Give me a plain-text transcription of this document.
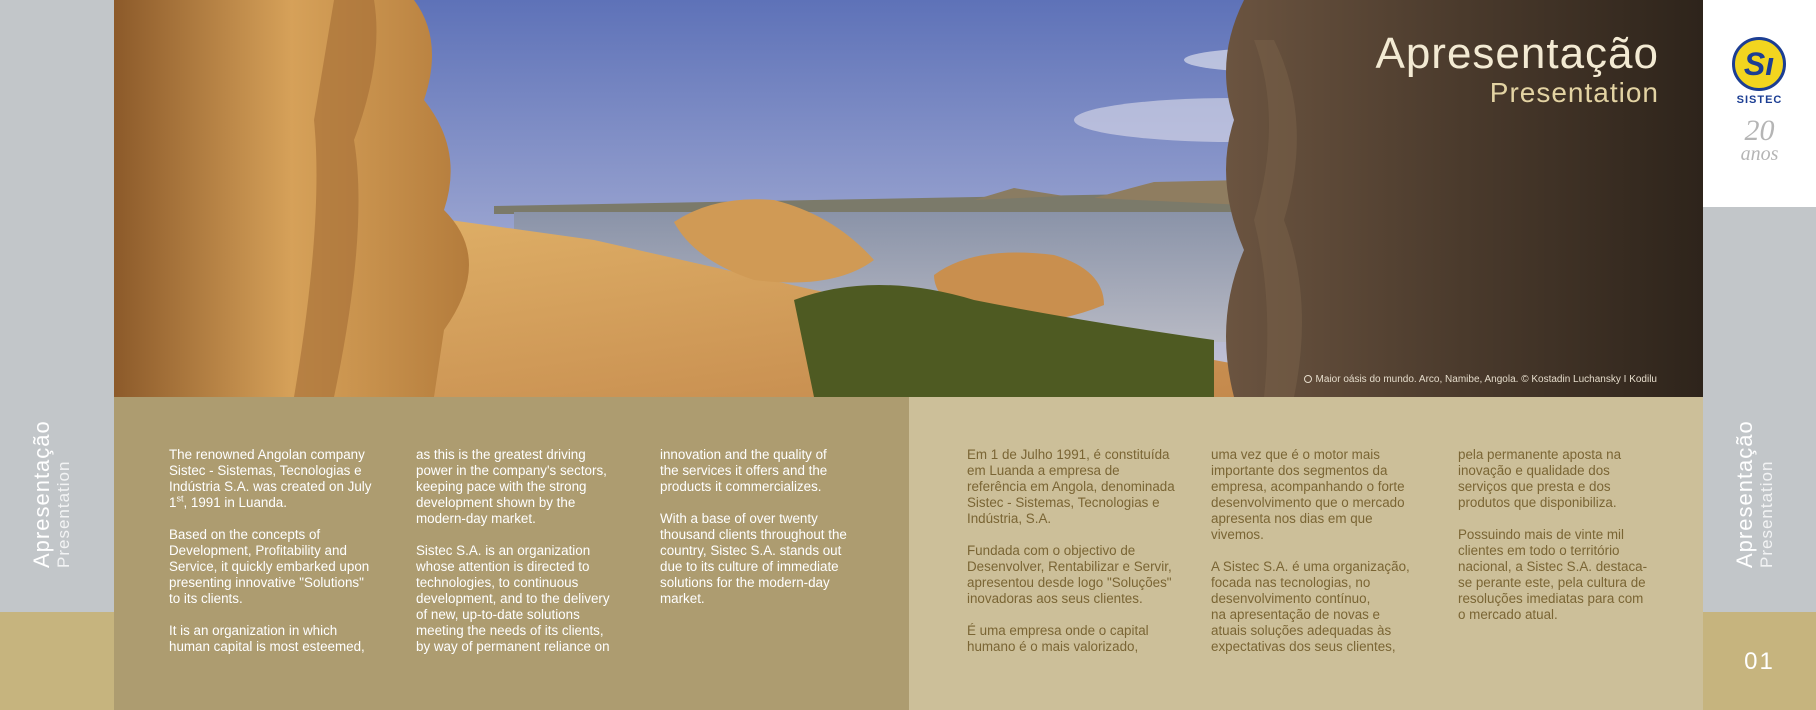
Apresentação Presentation
Sı
SISTEC
20
anos
Apresentação Presentation
01
Apresentação
Presentation
Maior oásis do mundo. Arco, Namibe, Angola. © Kostadin Luchansky I Kodilu

The renowned Angolan company
Sistec - Sistemas, Tecnologias e
Indústria S.A. was created on July
1st, 1991 in Luanda.

Based on the concepts of
Development, Profitability and
Service, it quickly embarked upon
presenting innovative "Solutions"
to its clients.

It is an organization in which
human capital is most esteemed,

as this is the greatest driving
power in the company's sectors,
keeping pace with the strong
development shown by the
modern-day market.

Sistec S.A. is an organization
whose attention is directed to
technologies, to continuous
development, and to the delivery
of new, up-to-date solutions
meeting the needs of its clients,
by way of permanent reliance on

innovation and the quality of
the services it offers and the
products it commercializes.

With a base of over twenty
thousand clients throughout the
country, Sistec S.A. stands out
due to its culture of immediate
solutions for the modern-day
market.

Em 1 de Julho 1991, é constituída
em Luanda a empresa de
referência em Angola, denominada
Sistec - Sistemas, Tecnologias e
Indústria, S.A.

Fundada com o objectivo de
Desenvolver, Rentabilizar e Servir,
apresentou desde logo "Soluções"
inovadoras aos seus clientes.

É uma empresa onde o capital
humano é o mais valorizado,

uma vez que é o motor mais
importante dos segmentos da
empresa, acompanhando o forte
desenvolvimento que o mercado
apresenta nos dias em que
vivemos.

A Sistec S.A. é uma organização,
focada nas tecnologias, no
desenvolvimento contínuo,
na apresentação de novas e
atuais soluções adequadas às
expectativas dos seus clientes,

pela permanente aposta na
inovação e qualidade dos
serviços que presta e dos
produtos que disponibiliza.

Possuindo mais de vinte mil
clientes em todo o território
nacional, a Sistec S.A. destaca-
se perante este, pela cultura de
resoluções imediatas para com
o mercado atual.
